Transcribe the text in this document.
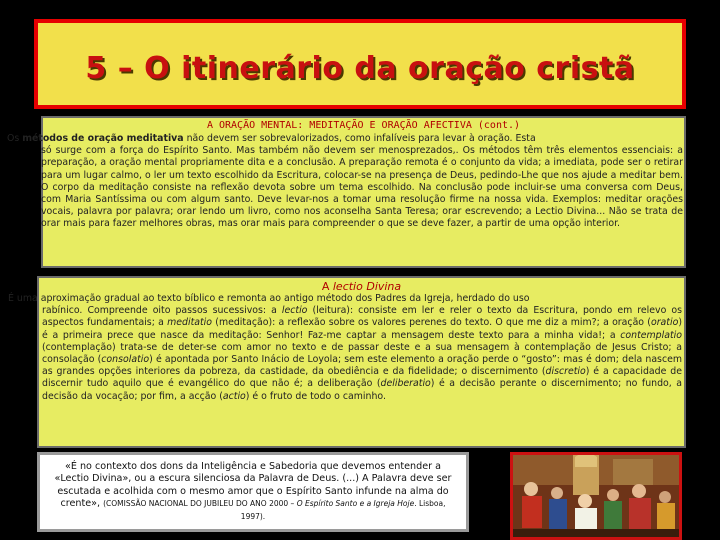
5 – O itinerário da oração cristã
A ORAÇÃO MENTAL: MEDITAÇÃO E ORAÇÃO AFECTIVA (cont.)
Os métodos de oração meditativa não devem ser sobrevalorizados, como infalíveis para levar à oração. Esta
só surge com a força do Espírito Santo. Mas também não devem ser menosprezados,. Os métodos têm três elementos essenciais: a preparação, a oração mental propriamente dita e a conclusão. A preparação remota é o conjunto da vida; a imediata, pode ser o retirar para um lugar calmo, o ler um texto escolhido da Escritura, colocar-se na presença de Deus, pedindo-Lhe que nos ajude a meditar bem. O corpo da meditação consiste na reflexão devota sobre um tema escolhido. Na conclusão pode incluir-se uma conversa com Deus, com Maria Santíssima ou com algum santo. Deve levar-nos a tomar uma resolução firme na nossa vida. Exemplos: meditar orações vocais, palavra por palavra; orar lendo um livro, como nos aconselha Santa Teresa; orar escrevendo; a Lectio Divina... Não se trata de orar mais para fazer melhores obras, mas orar mais para compreender o que se deve fazer, a partir de uma opção interior.
A lectio Divina
É uma aproximação gradual ao texto bíblico e remonta ao antigo método dos Padres da Igreja, herdado do uso
rabínico. Compreende oito passos sucessivos: a lectio (leitura): consiste em ler e reler o texto da Escritura, pondo em relevo os aspectos fundamentais; a meditatio (meditação): a reflexão sobre os valores perenes do texto. O que me diz a mim?; a oração (oratio) é a primeira prece que nasce da meditação: Senhor! Faz-me captar a mensagem deste texto para a minha vida!; a contemplatio (contemplação) trata-se de deter-se com amor no texto e de passar deste e a sua mensagem à contemplação de Jesus Cristo; a consolação (consolatio) é apontada por Santo Inácio de Loyola; sem este elemento a oração perde o “gosto”: mas é dom; dela nascem as grandes opções interiores da pobreza, da castidade, da obediência e da fidelidade; o discernimento (discretio) é a capacidade de discernir tudo aquilo que é evangélico do que não é; a deliberação (deliberatio) é a decisão perante o discernimento; no fundo, a decisão da vocação; por fim, a acção (actio) é o fruto de todo o caminho.
«É no contexto dos dons da Inteligência e Sabedoria que devemos entender a «Lectio Divina», ou a escura silenciosa da Palavra de Deus. (...) A Palavra deve ser escutada e acolhida com o mesmo amor que o Espírito Santo infunde na alma do crente», (COMISSÃO NACIONAL DO JUBILEU DO ANO 2000 – O Espírito Santo e a Igreja Hoje. Lisboa, 1997).
